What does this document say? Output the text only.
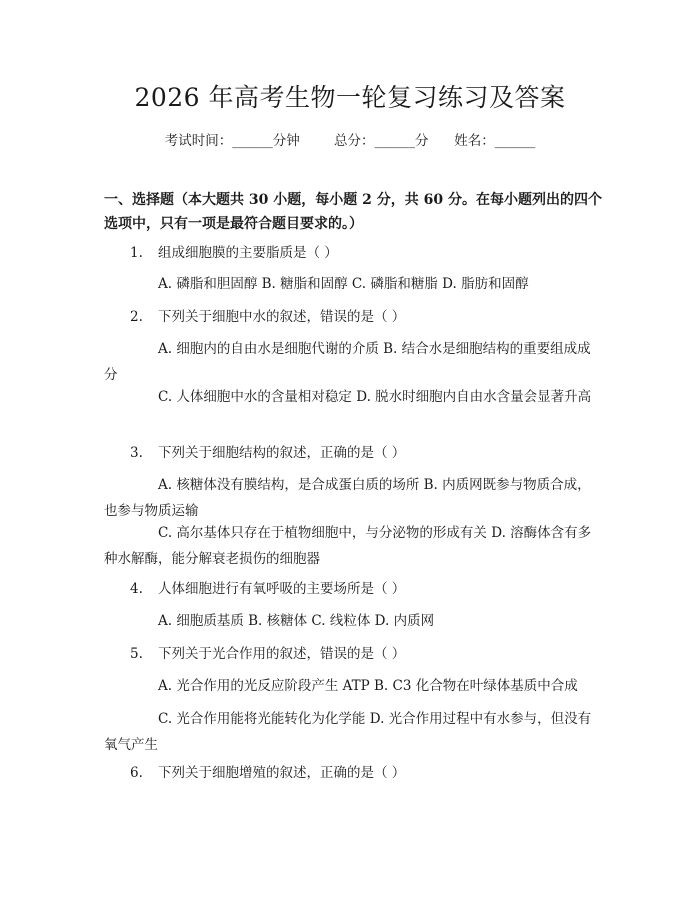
2026 年高考生物一轮复习练习及答案
考试时间：______分钟	总分：______分 姓名：______
一、选择题（本大题共 30 小题，每小题 2 分，共 60 分。在每小题列出的四个选项中，只有一项是最符合题目要求的。）
1. 组成细胞膜的主要脂质是（ ）
A. 磷脂和胆固醇 B. 糖脂和固醇 C. 磷脂和糖脂 D. 脂肪和固醇
2. 下列关于细胞中水的叙述，错误的是（ ）
A. 细胞内的自由水是细胞代谢的介质 B. 结合水是细胞结构的重要组成成分
C. 人体细胞中水的含量相对稳定 D. 脱水时细胞内自由水含量会显著升高
3. 下列关于细胞结构的叙述，正确的是（ ）
A. 核糖体没有膜结构，是合成蛋白质的场所 B. 内质网既参与物质合成，也参与物质运输
C. 高尔基体只存在于植物细胞中，与分泌物的形成有关 D. 溶酶体含有多种水解酶，能分解衰老损伤的细胞器
4. 人体细胞进行有氧呼吸的主要场所是（ ）
A. 细胞质基质 B. 核糖体 C. 线粒体 D. 内质网
5. 下列关于光合作用的叙述，错误的是（ ）
A. 光合作用的光反应阶段产生 ATP B. C3 化合物在叶绿体基质中合成
C. 光合作用能将光能转化为化学能 D. 光合作用过程中有水参与，但没有氧气产生
6. 下列关于细胞增殖的叙述，正确的是（ ）
